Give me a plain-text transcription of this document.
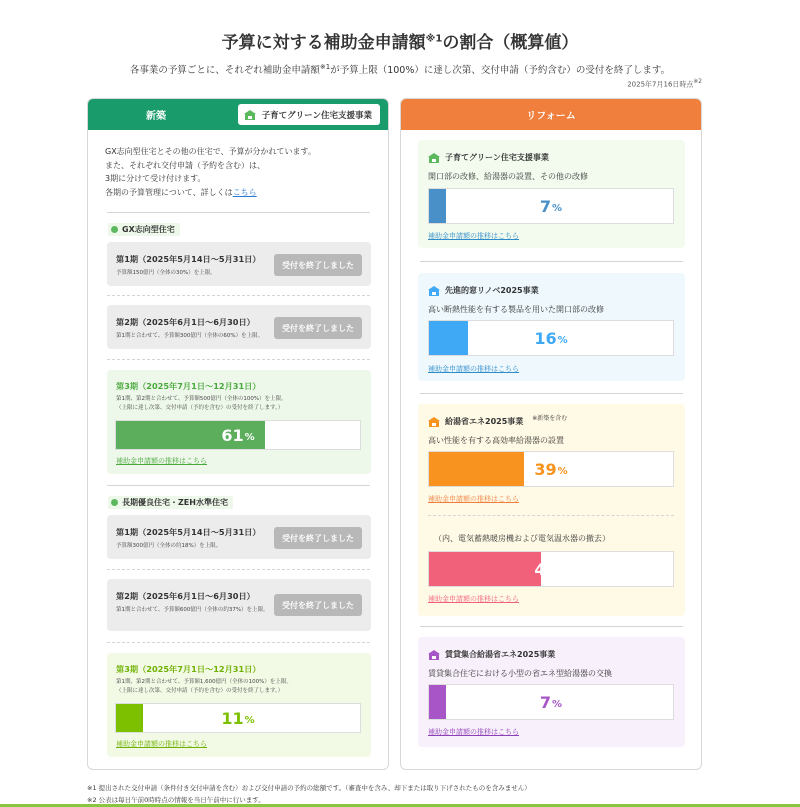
予算に対する補助金申請額$^{※1}$の割合（概算値）
各事業の予算ごとに、それぞれ補助金申請額$^{※1}$が予算上限（100%）に達し次第、交付申請（予約含む）の受付を終了します。
2025年7月16日時点$^{※2}$
新築	子育てグリーン住宅支援事業
GX志向型住宅とその他の住宅で、予算が分かれています。
また、それぞれ交付申請（予約を含む）は、
3期に分けて受け付けます。
各期の予算管理について、詳しくはこちら
GX志向型住宅
第1期（2025年5月14日〜5月31日）
予算額150億円（全体の30%）を上限。
受付を終了しました
第2期（2025年6月1日〜6月30日）
第1期と合わせて、予算額300億円（全体の60%）を上限。
受付を終了しました
第3期（2025年7月1日〜12月31日）
第1期、第2期と合わせて、予算額500億円（全体の100%）を上限。
（上限に達し次第、交付申請（予約を含む）の受付を終了します。）
61 %
補助金申請額の推移はこちら
長期優良住宅・ZEH水準住宅
第1期（2025年5月14日〜5月31日）
予算額300億円（全体の約18%）を上限。
受付を終了しました
第2期（2025年6月1日〜6月30日）
第1期と合わせて、予算額600億円（全体の約37%）を上限。
受付を終了しました
第3期（2025年7月1日〜12月31日）
第1期、第2期と合わせて、予算額1,600億円（全体の100%）を上限。
（上限に達し次第、交付申請（予約を含む）の受付を終了します。）
11 %
補助金申請額の推移はこちら
リフォーム
子育てグリーン住宅支援事業
開口部の改修、給湯器の設置、その他の改修
7 %
補助金申請額の推移はこちら
先進的窓リノベ2025事業
高い断熱性能を有する製品を用いた開口部の改修
16 %
補助金申請額の推移はこちら
給湯省エネ2025事業 ※新築を含む
高い性能を有する高効率給湯器の設置
39 %
補助金申請額の推移はこちら
（内、電気蓄熱暖房機および電気温水器の撤去）
46 %
補助金申請額の推移はこちら
賃貸集合給湯省エネ2025事業
賃貸集合住宅における小型の省エネ型給湯器の交換
7 %
補助金申請額の推移はこちら
※1 提出された交付申請（条件付き交付申請を含む）および交付申請の予約の総額です。（審査中を含み、却下または取り下げされたものを含みません）
※2 公表は毎日午前0時時点の情報を当日午前中に行います。
